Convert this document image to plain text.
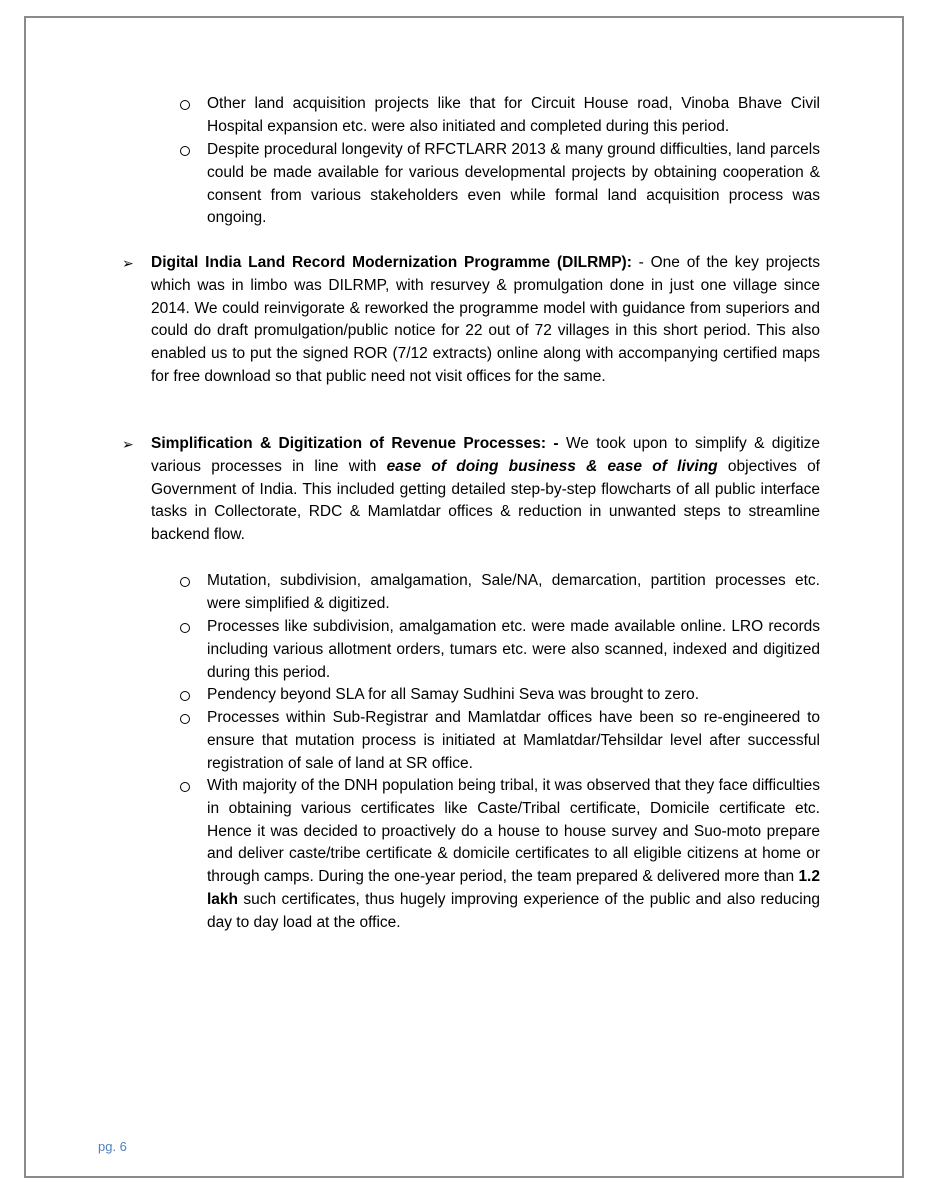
Other land acquisition projects like that for Circuit House road, Vinoba Bhave Civil Hospital expansion etc. were also initiated and completed during this period.
Despite procedural longevity of RFCTLARR 2013 & many ground difficulties, land parcels could be made available for various developmental projects by obtaining cooperation & consent from various stakeholders even while formal land acquisition process was ongoing.
➢ Digital India Land Record Modernization Programme (DILRMP): - One of the key projects which was in limbo was DILRMP, with resurvey & promulgation done in just one village since 2014. We could reinvigorate & reworked the programme model with guidance from superiors and could do draft promulgation/public notice for 22 out of 72 villages in this short period. This also enabled us to put the signed ROR (7/12 extracts) online along with accompanying certified maps for free download so that public need not visit offices for the same.
➢ Simplification & Digitization of Revenue Processes: - We took upon to simplify & digitize various processes in line with ease of doing business & ease of living objectives of Government of India. This included getting detailed step-by-step flowcharts of all public interface tasks in Collectorate, RDC & Mamlatdar offices & reduction in unwanted steps to streamline backend flow.
Mutation, subdivision, amalgamation, Sale/NA, demarcation, partition processes etc. were simplified & digitized.
Processes like subdivision, amalgamation etc. were made available online. LRO records including various allotment orders, tumars etc. were also scanned, indexed and digitized during this period.
Pendency beyond SLA for all Samay Sudhini Seva was brought to zero.
Processes within Sub-Registrar and Mamlatdar offices have been so re-engineered to ensure that mutation process is initiated at Mamlatdar/Tehsildar level after successful registration of sale of land at SR office.
With majority of the DNH population being tribal, it was observed that they face difficulties in obtaining various certificates like Caste/Tribal certificate, Domicile certificate etc. Hence it was decided to proactively do a house to house survey and Suo-moto prepare and deliver caste/tribe certificate & domicile certificates to all eligible citizens at home or through camps. During the one-year period, the team prepared & delivered more than 1.2 lakh such certificates, thus hugely improving experience of the public and also reducing day to day load at the office.
pg. 6
